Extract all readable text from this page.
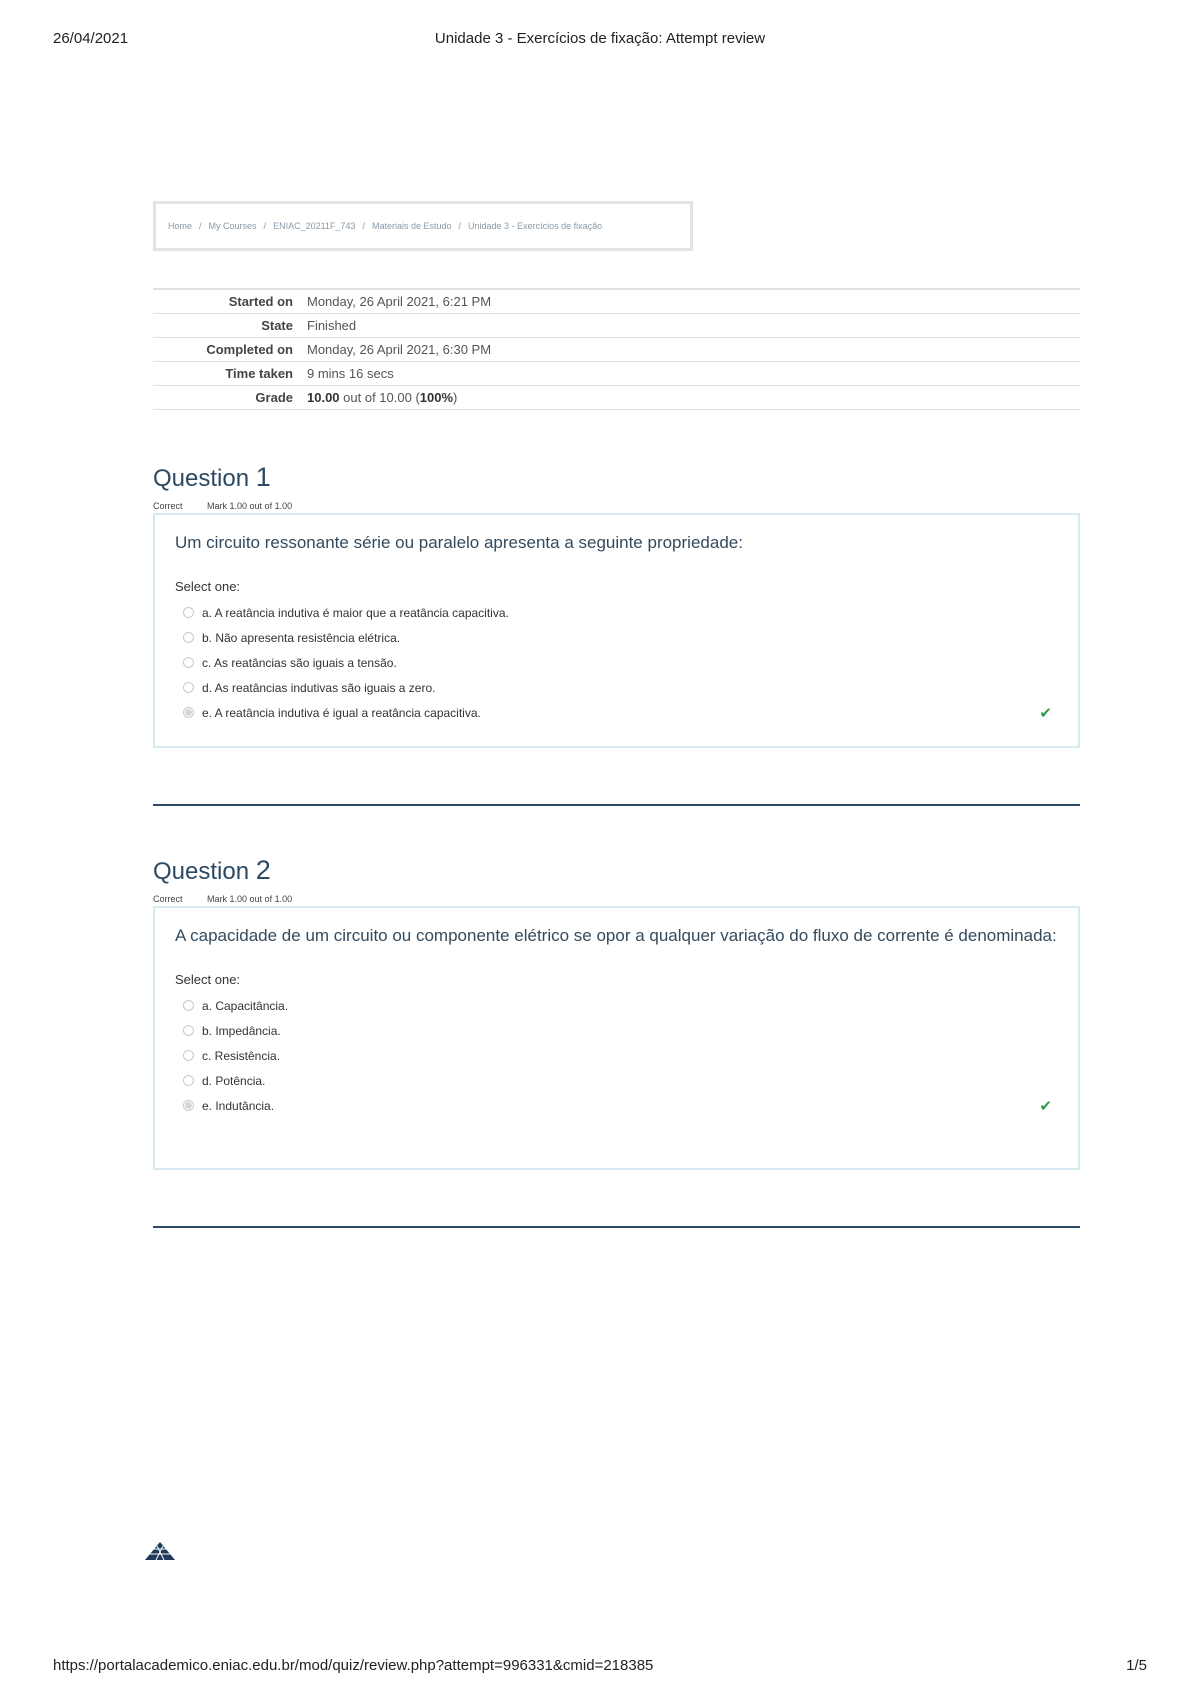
26/04/2021	Unidade 3 - Exercícios de fixação: Attempt review
Home / My Courses / ENIAC_20211F_743 / Materiais de Estudo / Unidade 3 - Exercícios de fixação
Started on	Monday, 26 April 2021, 6:21 PM
State	Finished
Completed on	Monday, 26 April 2021, 6:30 PM
Time taken	9 mins 16 secs
Grade	10.00 out of 10.00 (100%)
Question 1
Correct	Mark 1.00 out of 1.00
Um circuito ressonante série ou paralelo apresenta a seguinte propriedade:
Select one:
a. A reatância indutiva é maior que a reatância capacitiva.
b. Não apresenta resistência elétrica.
c. As reatâncias são iguais a tensão.
d. As reatâncias indutivas são iguais a zero.
e. A reatância indutiva é igual a reatância capacitiva.	✔
Question 2
Correct	Mark 1.00 out of 1.00
A capacidade de um circuito ou componente elétrico se opor a qualquer variação do fluxo de corrente é denominada:
Select one:
a. Capacitância.
b. Impedância.
c. Resistência.
d. Potência.
e. Indutância.	✔
https://portalacademico.eniac.edu.br/mod/quiz/review.php?attempt=996331&cmid=218385	1/5
